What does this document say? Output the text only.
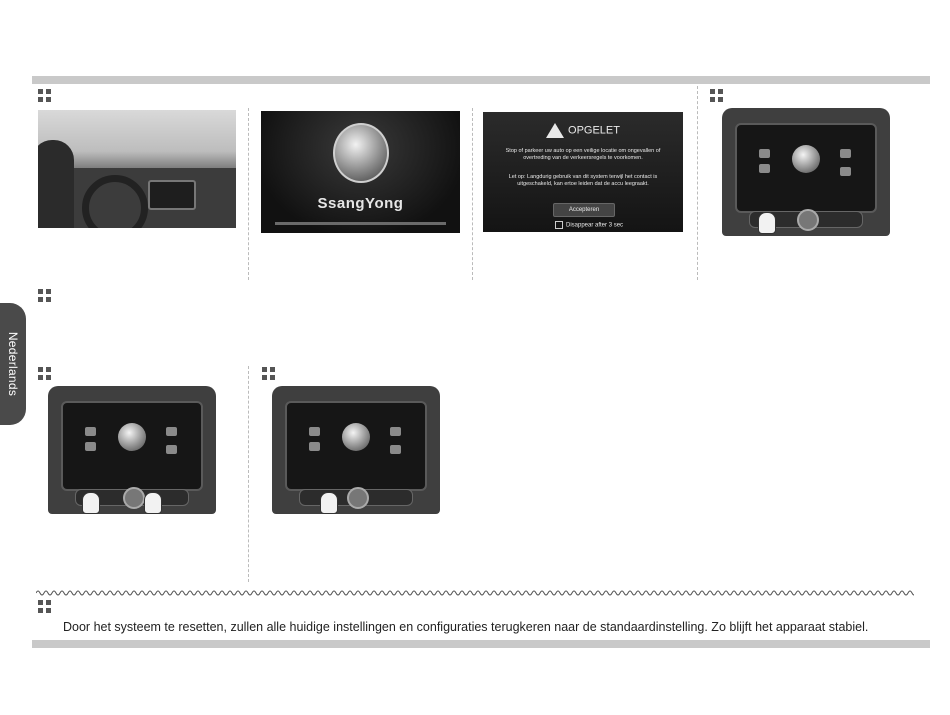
Nederlands
SsangYong
OPGELET

Stop of parkeer uw auto op een veilige locatie om ongevallen of overtreding van de verkeersregels te voorkomen.

Let op: Langdurig gebruik van dit system terwijl het contact is uitgeschakeld, kan ertoe leiden dat de accu leegraakt.

Accepteren
Disappear after 3 sec
Door het systeem te resetten, zullen alle huidige instellingen en configuraties terugkeren naar de standaardinstelling. Zo blijft het apparaat stabiel.
